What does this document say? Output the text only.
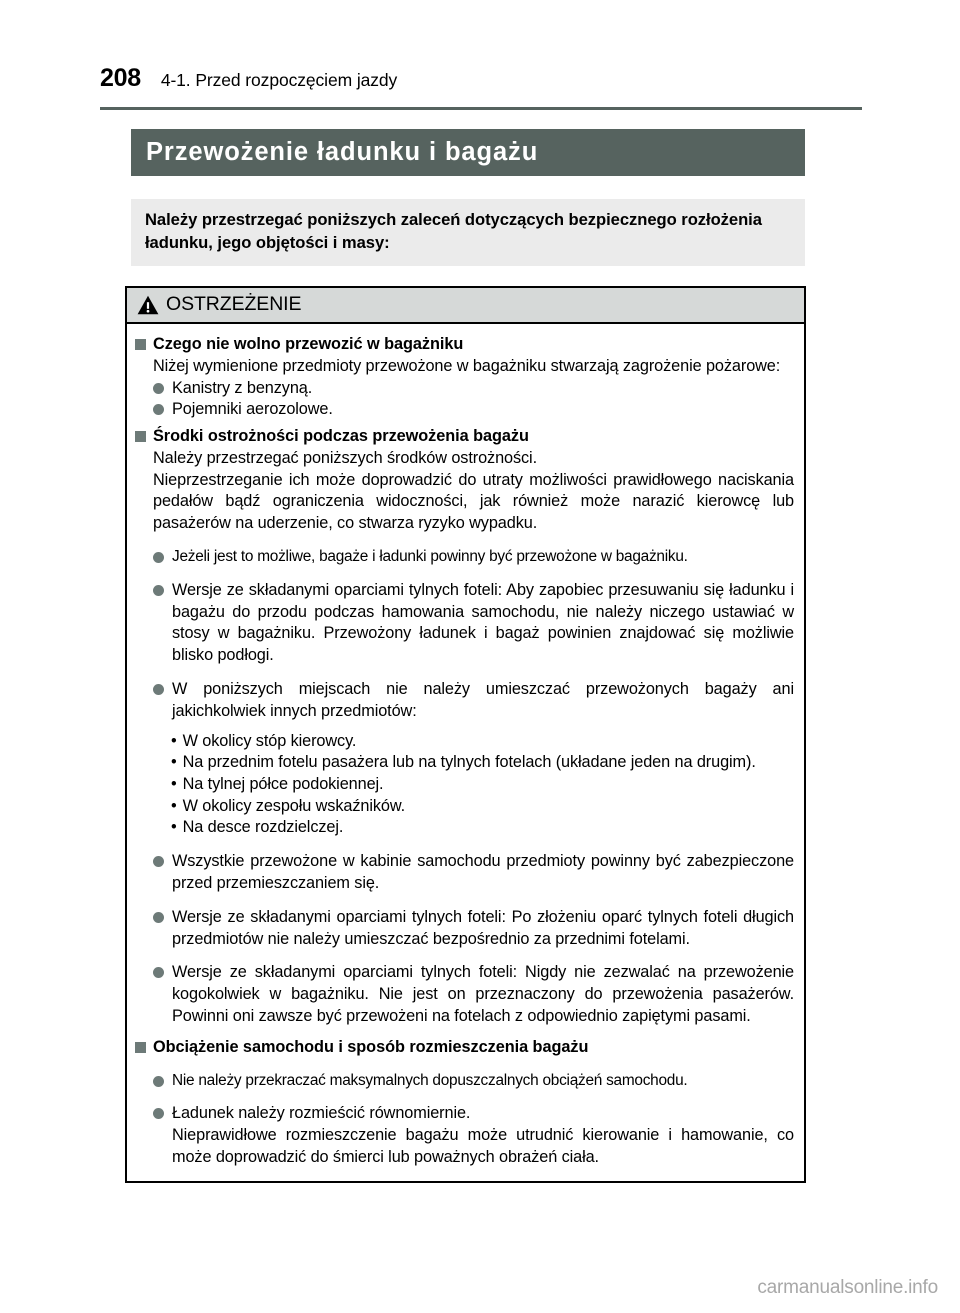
208 4-1. Przed rozpoczęciem jazdy
Przewożenie ładunku i bagażu
Należy przestrzegać poniższych zaleceń dotyczących bezpiecznego rozłożenia ładunku, jego objętości i masy:
OSTRZEŻENIE
Czego nie wolno przewozić w bagażniku
Niżej wymienione przedmioty przewożone w bagażniku stwarzają zagrożenie pożarowe:
Kanistry z benzyną.
Pojemniki aerozolowe.
Środki ostrożności podczas przewożenia bagażu
Należy przestrzegać poniższych środków ostrożności.
Nieprzestrzeganie ich może doprowadzić do utraty możliwości prawidłowego naciskania pedałów bądź ograniczenia widoczności, jak również może narazić kierowcę lub pasażerów na uderzenie, co stwarza ryzyko wypadku.
Jeżeli jest to możliwe, bagaże i ładunki powinny być przewożone w bagażniku.
Wersje ze składanymi oparciami tylnych foteli: Aby zapobiec przesuwaniu się ładunku i bagażu do przodu podczas hamowania samochodu, nie należy niczego ustawiać w stosy w bagażniku. Przewożony ładunek i bagaż powinien znajdować się możliwie blisko podłogi.
W poniższych miejscach nie należy umieszczać przewożonych bagaży ani jakichkolwiek innych przedmiotów:
• W okolicy stóp kierowcy.
• Na przednim fotelu pasażera lub na tylnych fotelach (układane jeden na drugim).
• Na tylnej półce podokiennej.
• W okolicy zespołu wskaźników.
• Na desce rozdzielczej.
Wszystkie przewożone w kabinie samochodu przedmioty powinny być zabezpieczone przed przemieszczaniem się.
Wersje ze składanymi oparciami tylnych foteli: Po złożeniu oparć tylnych foteli długich przedmiotów nie należy umieszczać bezpośrednio za przednimi fotelami.
Wersje ze składanymi oparciami tylnych foteli: Nigdy nie zezwalać na przewożenie kogokolwiek w bagażniku. Nie jest on przeznaczony do przewożenia pasażerów. Powinni oni zawsze być przewożeni na fotelach z odpowiednio zapiętymi pasami.
Obciążenie samochodu i sposób rozmieszczenia bagażu
Nie należy przekraczać maksymalnych dopuszczalnych obciążeń samochodu.
Ładunek należy rozmieścić równomiernie.
Nieprawidłowe rozmieszczenie bagażu może utrudnić kierowanie i hamowanie, co może doprowadzić do śmierci lub poważnych obrażeń ciała.
carmanualsonline.info
